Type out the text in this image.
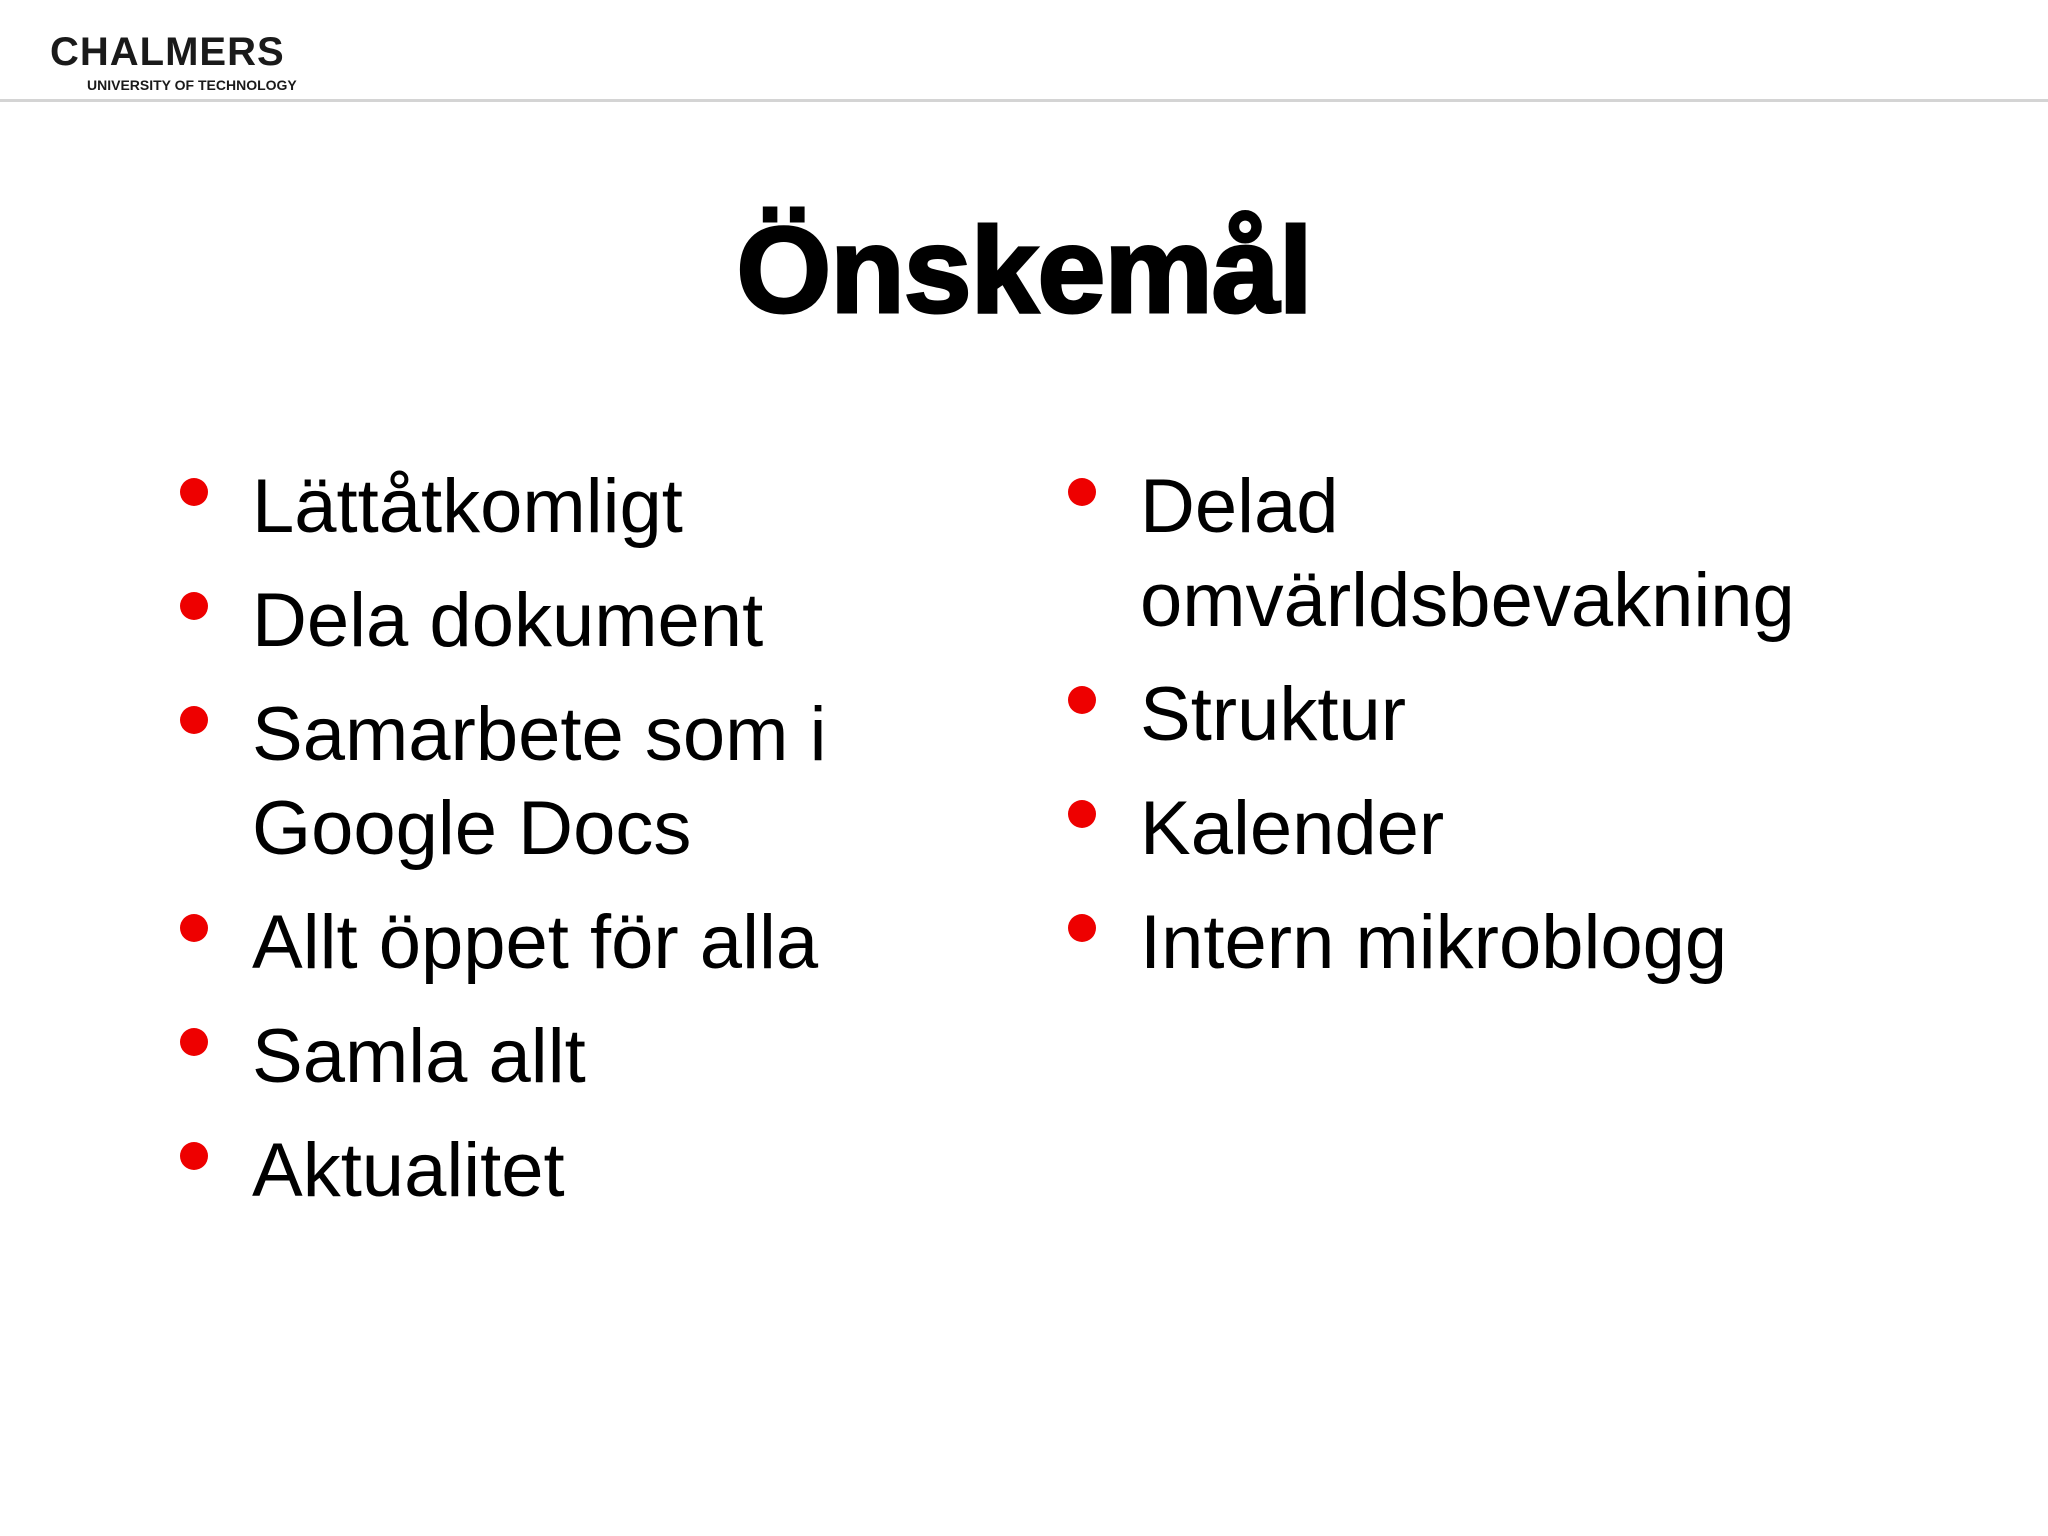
CHALMERS
UNIVERSITY OF TECHNOLOGY
Önskemål
Lättåtkomligt
Dela dokument
Samarbete som i Google Docs
Allt öppet för alla
Samla allt
Aktualitet
Delad omvärldsbevakning
Struktur
Kalender
Intern mikroblogg
